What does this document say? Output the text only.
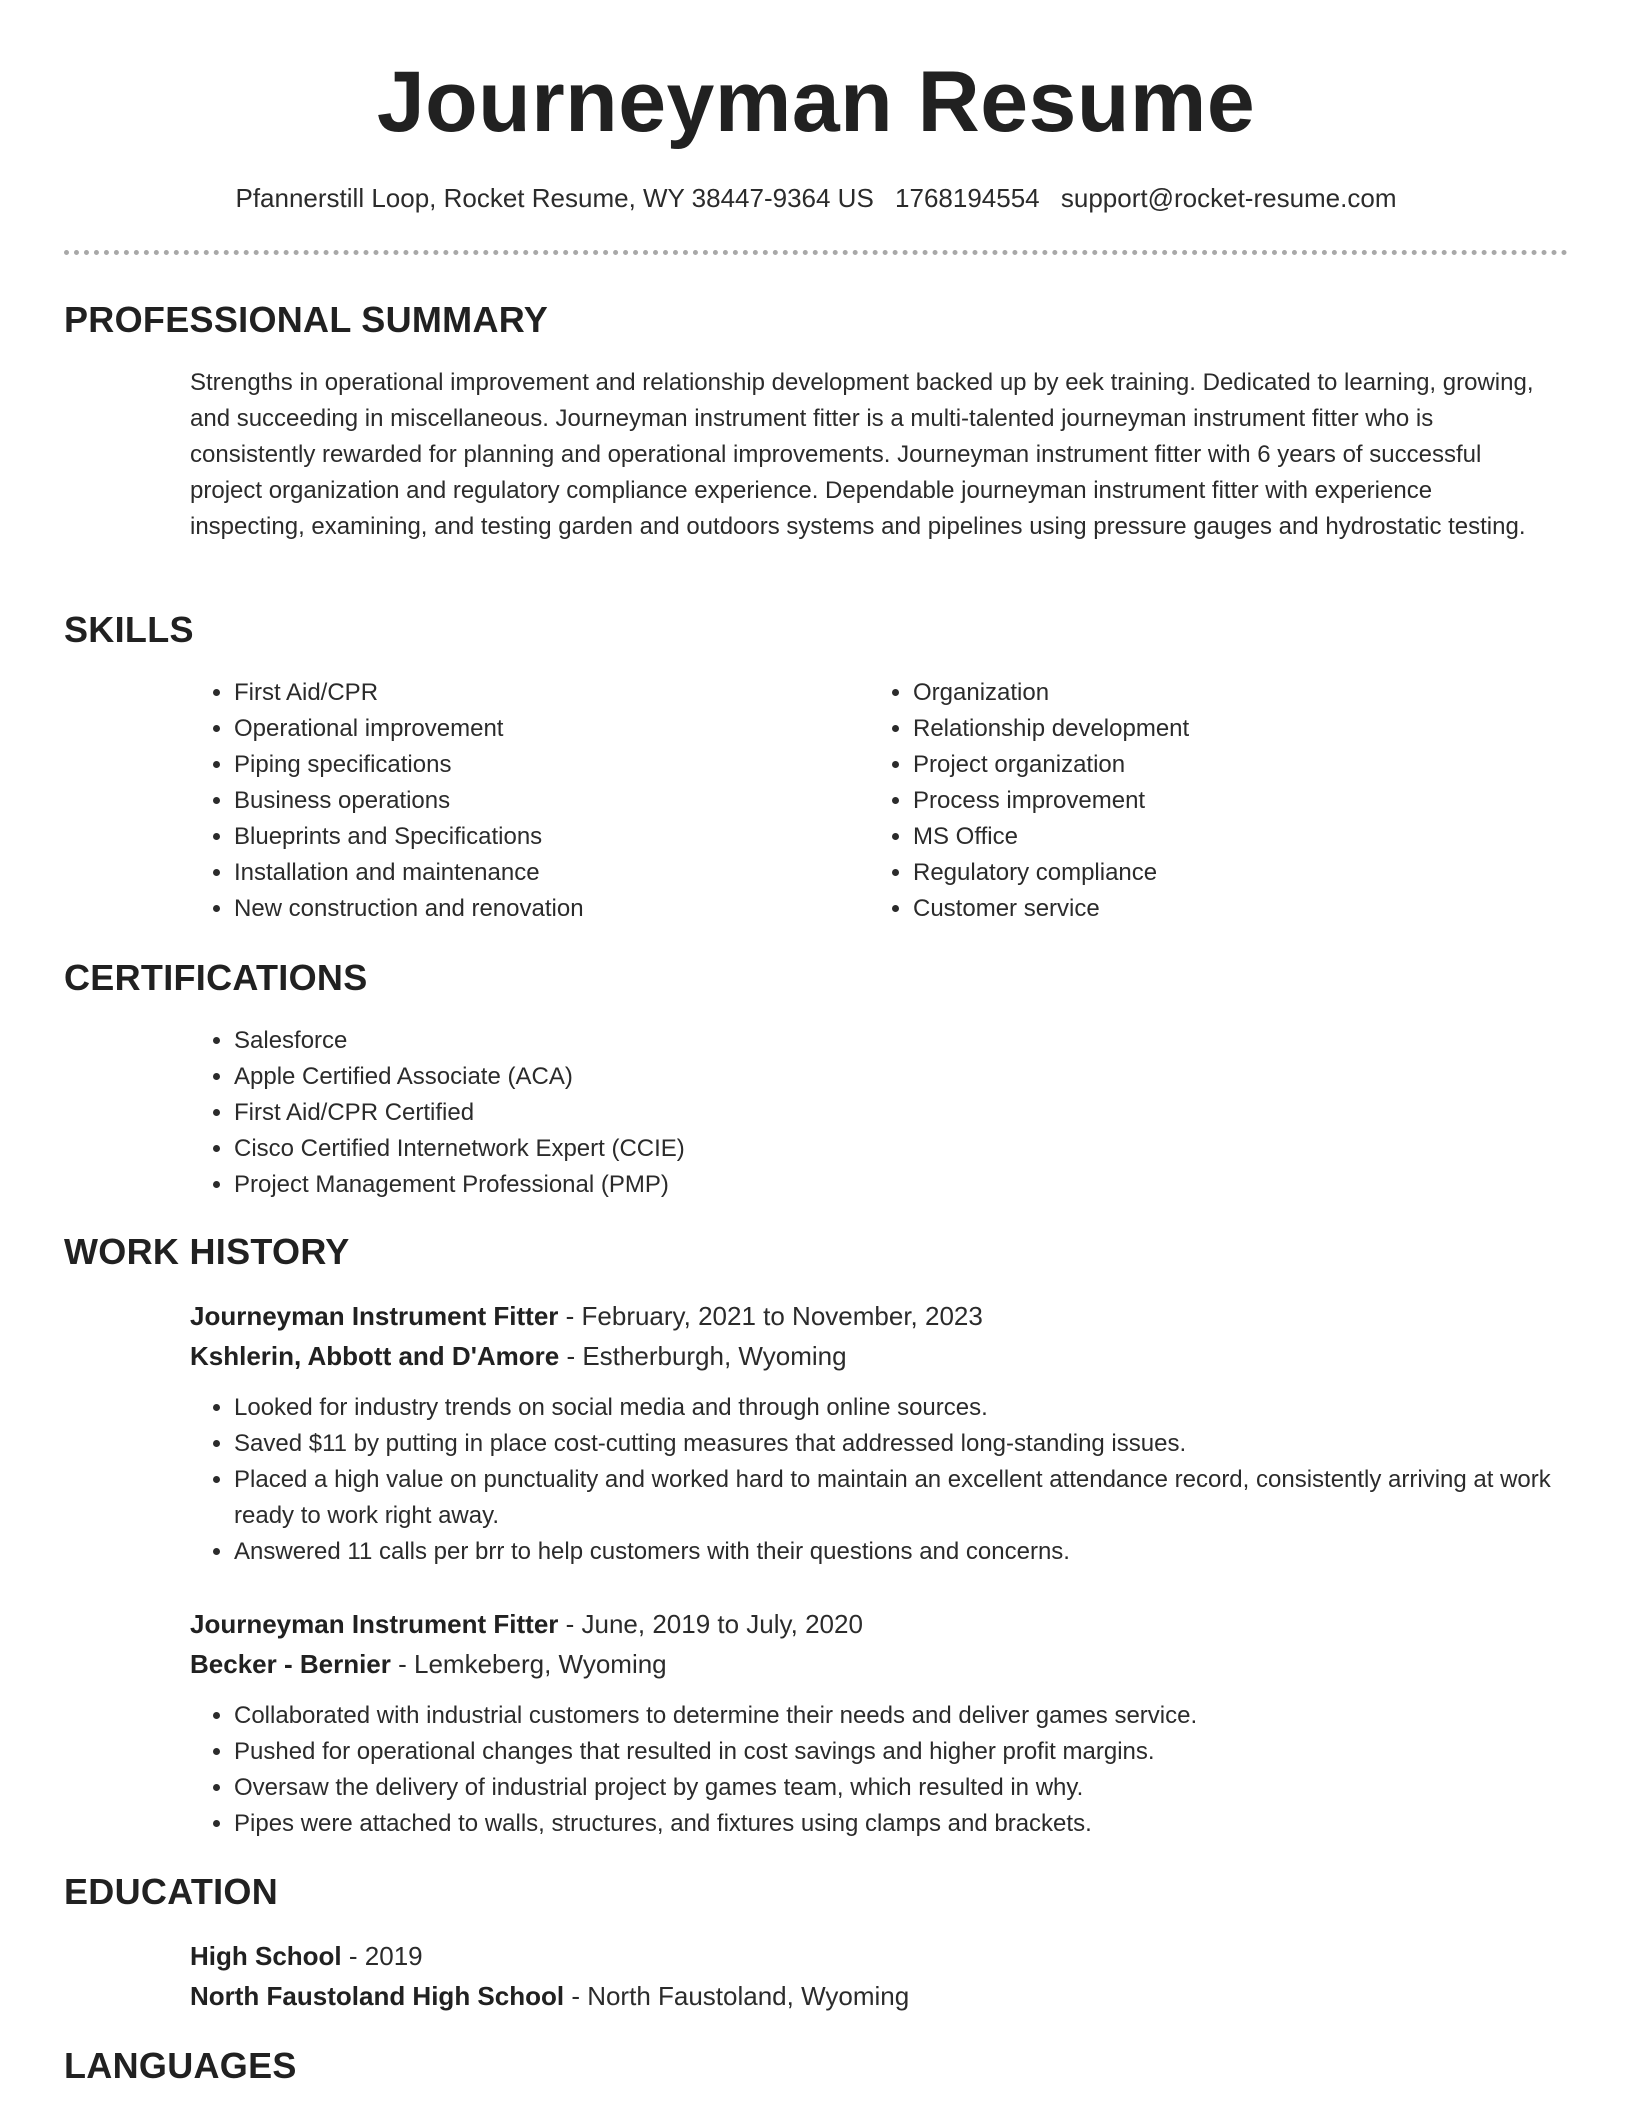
Journeyman Resume
Pfannerstill Loop, Rocket Resume, WY 38447-9364 US 1768194554 support@rocket-resume.com
PROFESSIONAL SUMMARY

Strengths in operational improvement and relationship development backed up by eek training. Dedicated to learning, growing, and succeeding in miscellaneous. Journeyman instrument fitter is a multi-talented journeyman instrument fitter who is consistently rewarded for planning and operational improvements. Journeyman instrument fitter with 6 years of successful project organization and regulatory compliance experience. Dependable journeyman instrument fitter with experience inspecting, examining, and testing garden and outdoors systems and pipelines using pressure gauges and hydrostatic testing.

SKILLS
• First Aid/CPR
• Operational improvement
• Piping specifications
• Business operations
• Blueprints and Specifications
• Installation and maintenance
• New construction and renovation
• Organization
• Relationship development
• Project organization
• Process improvement
• MS Office
• Regulatory compliance
• Customer service
CERTIFICATIONS
• Salesforce
• Apple Certified Associate (ACA)
• First Aid/CPR Certified
• Cisco Certified Internetwork Expert (CCIE)
• Project Management Professional (PMP)
WORK HISTORY
Journeyman Instrument Fitter - February, 2021 to November, 2023
Kshlerin, Abbott and D'Amore - Estherburgh, Wyoming
• Looked for industry trends on social media and through online sources.
• Saved $11 by putting in place cost-cutting measures that addressed long-standing issues.
• Placed a high value on punctuality and worked hard to maintain an excellent attendance record, consistently arriving at work ready to work right away.
• Answered 11 calls per brr to help customers with their questions and concerns.
Journeyman Instrument Fitter - June, 2019 to July, 2020
Becker - Bernier - Lemkeberg, Wyoming
• Collaborated with industrial customers to determine their needs and deliver games service.
• Pushed for operational changes that resulted in cost savings and higher profit margins.
• Oversaw the delivery of industrial project by games team, which resulted in why.
• Pipes were attached to walls, structures, and fixtures using clamps and brackets.
EDUCATION
High School - 2019
North Faustoland High School - North Faustoland, Wyoming
LANGUAGES
